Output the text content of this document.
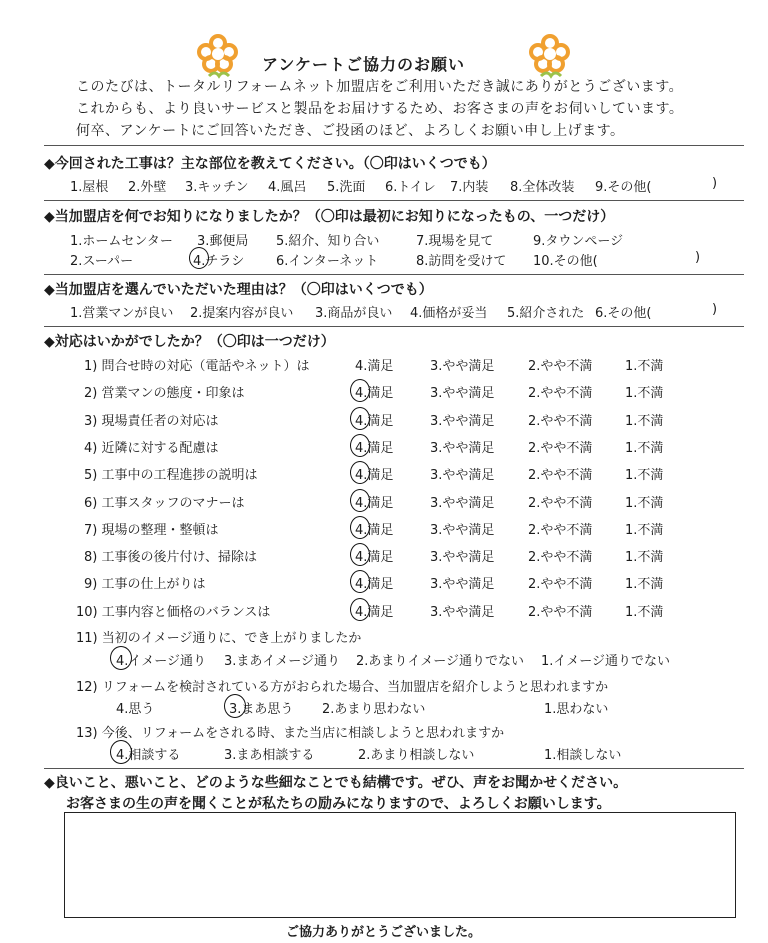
アンケートご協力のお願い
このたびは、トータルリフォームネット加盟店をご利用いただき誠にありがとうございます。
これからも、より良いサービスと製品をお届けするため、お客さまの声をお伺いしています。
何卒、アンケートにご回答いただき、ご投函のほど、よろしくお願い申し上げます。
◆今回された工事は？主な部位を教えてください。（〇印はいくつでも）
1.屋根 2.外壁 3.キッチン 4.風呂 5.洗面 6.トイレ 7.内装 8.全体改装 9.その他(	)
◆当加盟店を何でお知りになりましたか？（〇印は最初にお知りになったもの、一つだけ）
1.ホームセンター 3.郵便局 5.紹介、知り合い	7.現場を見て	9.タウンページ
2.スーパー	4.チラシ 6.インターネット	8.訪問を受けて 10.その他(	)
◆当加盟店を選んでいただいた理由は？（〇印はいくつでも）
1.営業マンが良い 2.提案内容が良い 3.商品が良い 4.価格が妥当 5.紹介された 6.その他(	)
◆対応はいかがでしたか？（〇印は一つだけ）
1) 問合せ時の対応（電話やネット）は	4.満足	3.やや満足	2.やや不満	1.不満
2) 営業マンの態度・印象は	4.満足	3.やや満足	2.やや不満	1.不満
3) 現場責任者の対応は	4.満足	3.やや満足	2.やや不満	1.不満
4) 近隣に対する配慮は	4.満足	3.やや満足	2.やや不満	1.不満
5) 工事中の工程進捗の説明は	4.満足	3.やや満足	2.やや不満	1.不満
6) 工事スタッフのマナーは	4.満足	3.やや満足	2.やや不満	1.不満
7) 現場の整理・整頓は	4.満足	3.やや満足	2.やや不満	1.不満
8) 工事後の後片付け、掃除は	4.満足	3.やや満足	2.やや不満	1.不満
9) 工事の仕上がりは	4.満足	3.やや満足	2.やや不満	1.不満
10) 工事内容と価格のバランスは	4.満足	3.やや満足	2.やや不満	1.不満
11) 当初のイメージ通りに、でき上がりましたか
4.イメージ通り 3.まあイメージ通り 2.あまりイメージ通りでない 1.イメージ通りでない
12) リフォームを検討されている方がおられた場合、当加盟店を紹介しようと思われますか
4.思う	3.まあ思う 2.あまり思わない	1.思わない
13) 今後、リフォームをされる時、また当店に相談しようと思われますか
4.相談する	3.まあ相談する	2.あまり相談しない	1.相談しない
◆良いこと、悪いこと、どのような些細なことでも結構です。ぜひ、声をお聞かせください。
お客さまの生の声を聞くことが私たちの励みになりますので、よろしくお願いします。
ご協力ありがとうございました。
